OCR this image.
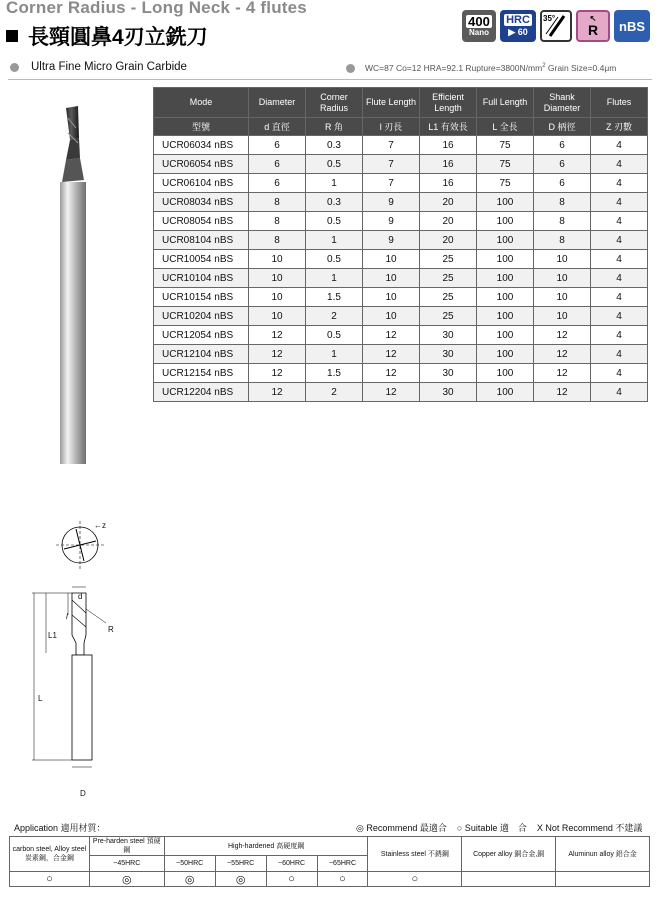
Corner Radius - Long Neck - 4 flutes
長頸圓鼻4刃立銑刀
400
Nano
HRC
▶ 60
35°	↖
R	nBS
Ultra Fine Micro Grain Carbide	WC=87 Co=12 HRA=92.1 $Rupture=3800N/mm^2$ Grain Size=0.4μm
←z
d
l
R
L1
L
D
Mode	Diameter	Corner Radius	Flute Length	Efficient Length	Full Length	Shank Diameter	Flutes
型號	d 直徑	R 角	l 刃長	L1 有效長	L 全長	D 柄徑	Z 刃數
UCR06034 nBS	6	0.3	7	16	75	6	4
UCR06054 nBS	6	0.5	7	16	75	6	4
UCR06104 nBS	6	1	7	16	75	6	4
UCR08034 nBS	8	0.3	9	20	100	8	4
UCR08054 nBS	8	0.5	9	20	100	8	4
UCR08104 nBS	8	1	9	20	100	8	4
UCR10054 nBS	10	0.5	10	25	100	10	4
UCR10104 nBS	10	1	10	25	100	10	4
UCR10154 nBS	10	1.5	10	25	100	10	4
UCR10204 nBS	10	2	10	25	100	10	4
UCR12054 nBS	12	0.5	12	30	100	12	4
UCR12104 nBS	12	1	12	30	100	12	4
UCR12154 nBS	12	1.5	12	30	100	12	4
UCR12204 nBS	12	2	12	30	100	12	4
Application 適用材質：	◎ Recommend 最適合 ○ Suitable 適　合 X Not Recommend 不建議
carbon steel, Alloy steel 炭素鋼，合金鋼	Pre-harden steel 預硬鋼	High-hardened 高硬度鋼				Stainless steel 不銹鋼	Copper alloy 銅合金,銅	Aluminun alloy 鋁合金
	~45HRC	~50HRC	~55HRC	~60HRC	~65HRC			
○	◎	◎	◎	○	○	○		
